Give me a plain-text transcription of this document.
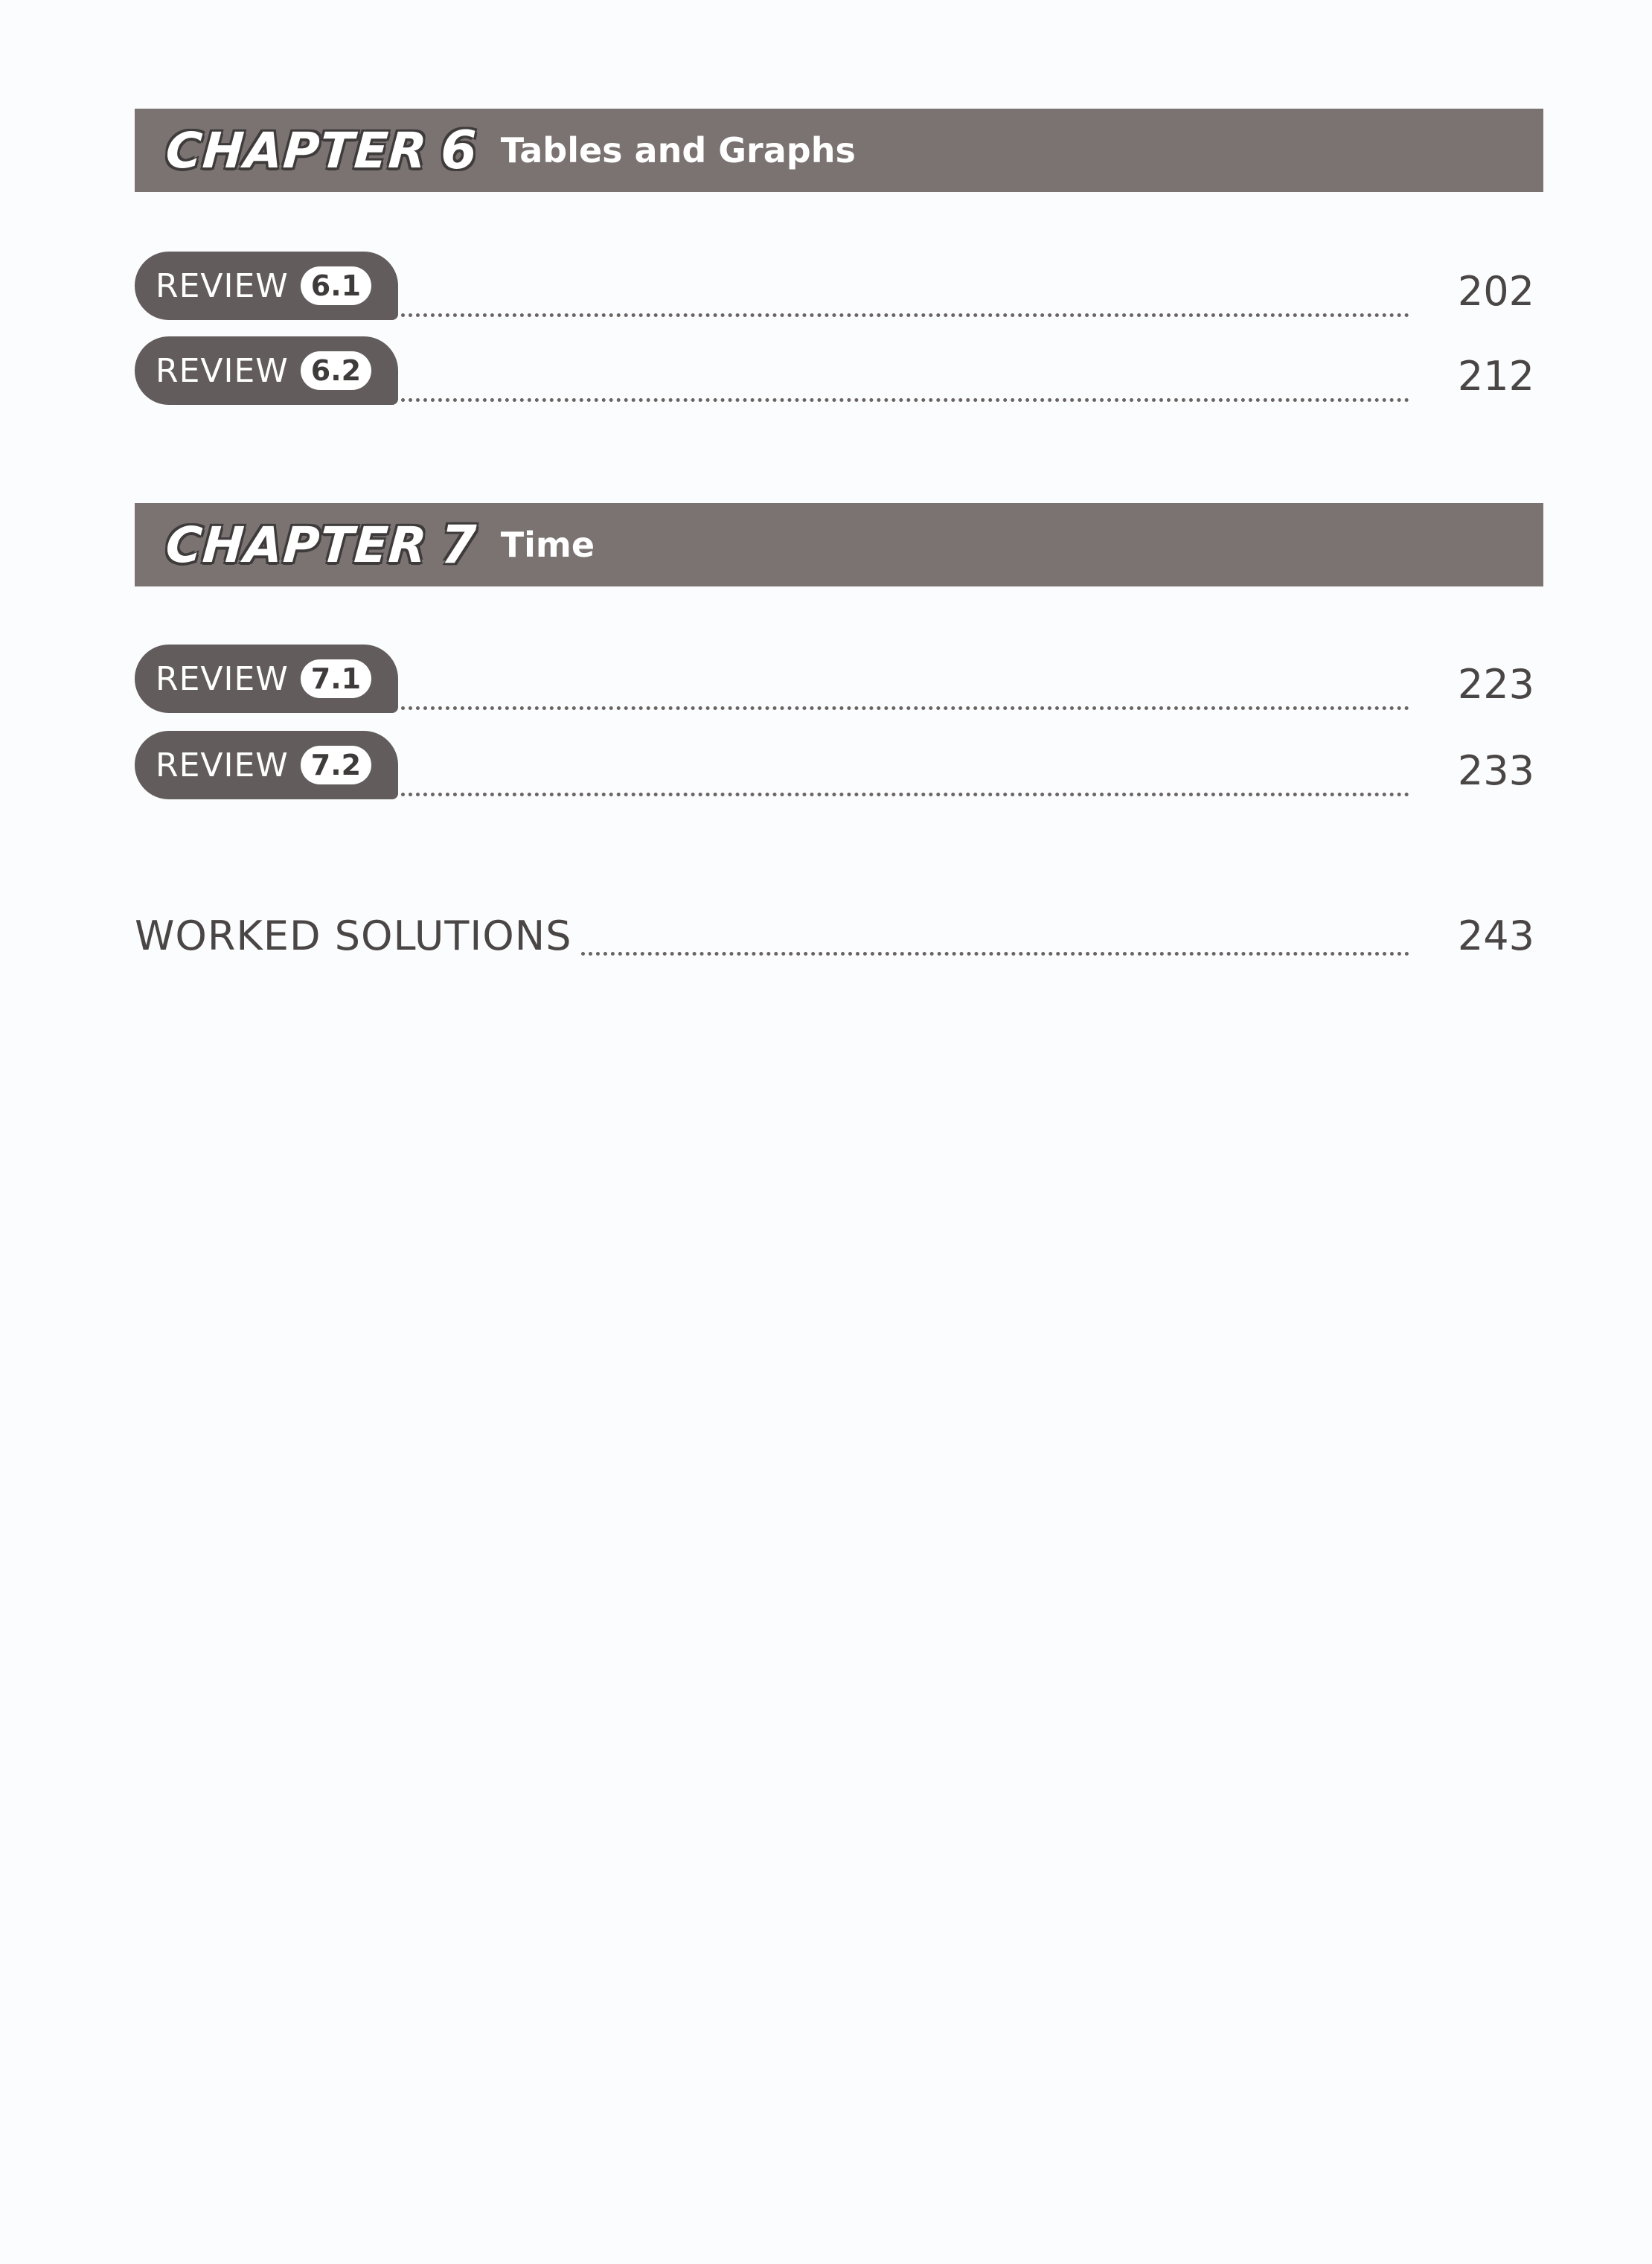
CHAPTER 6 Tables and Graphs
REVIEW 6.1	202
REVIEW 6.2	212
CHAPTER 7 Time
REVIEW 7.1	223
REVIEW 7.2	233
WORKED SOLUTIONS	243
